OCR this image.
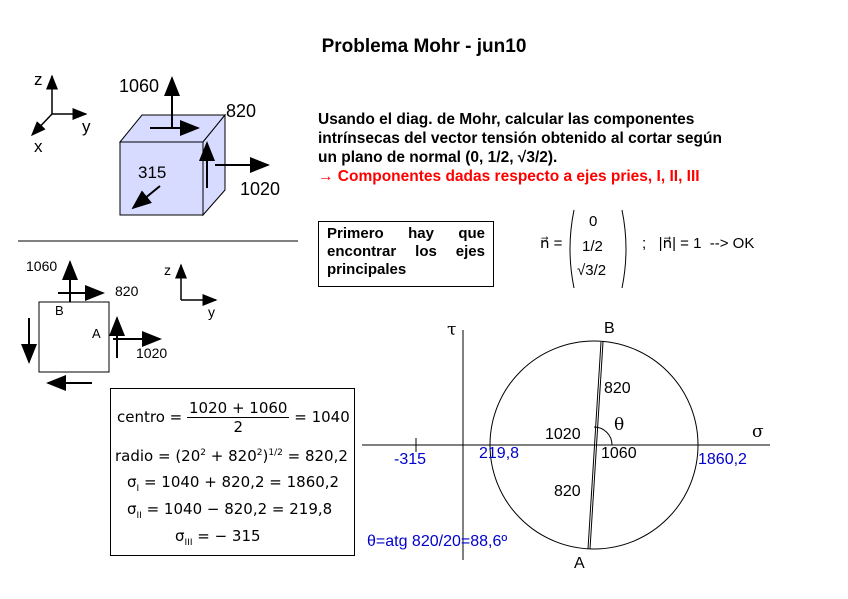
Problema Mohr - jun10
z
y
x
1060
820
315
1020
Usando el diag. de Mohr, calcular las componentes
intrínsecas del vector tensión obtenido al cortar según
un plano de normal (0, 1/2, √3/2).
→ Componentes dadas respecto a ejes pries, I, II, III
Primero hay que
encontrar los ejes
principales
n⃗ =
0
1/2
√3/2
;   |n⃗| = 1  --> OK
1060
820
1020
B
A
z
y
centro = $\frac{1020 + 1060}{2} = 1040$
radio = $(20^2 + 820^2)^{1/2} = 820,2$
$\sigma_I = 1040 + 820,2 = 1860,2$
$\sigma_{II} = 1040 - 820,2 = 219,8$
$\sigma_{III}$ = − 315
τ
σ
B
A
820
820
1020
1060
θ
-315	219,8	1860,2
θ=atg 820/20=88,6º
